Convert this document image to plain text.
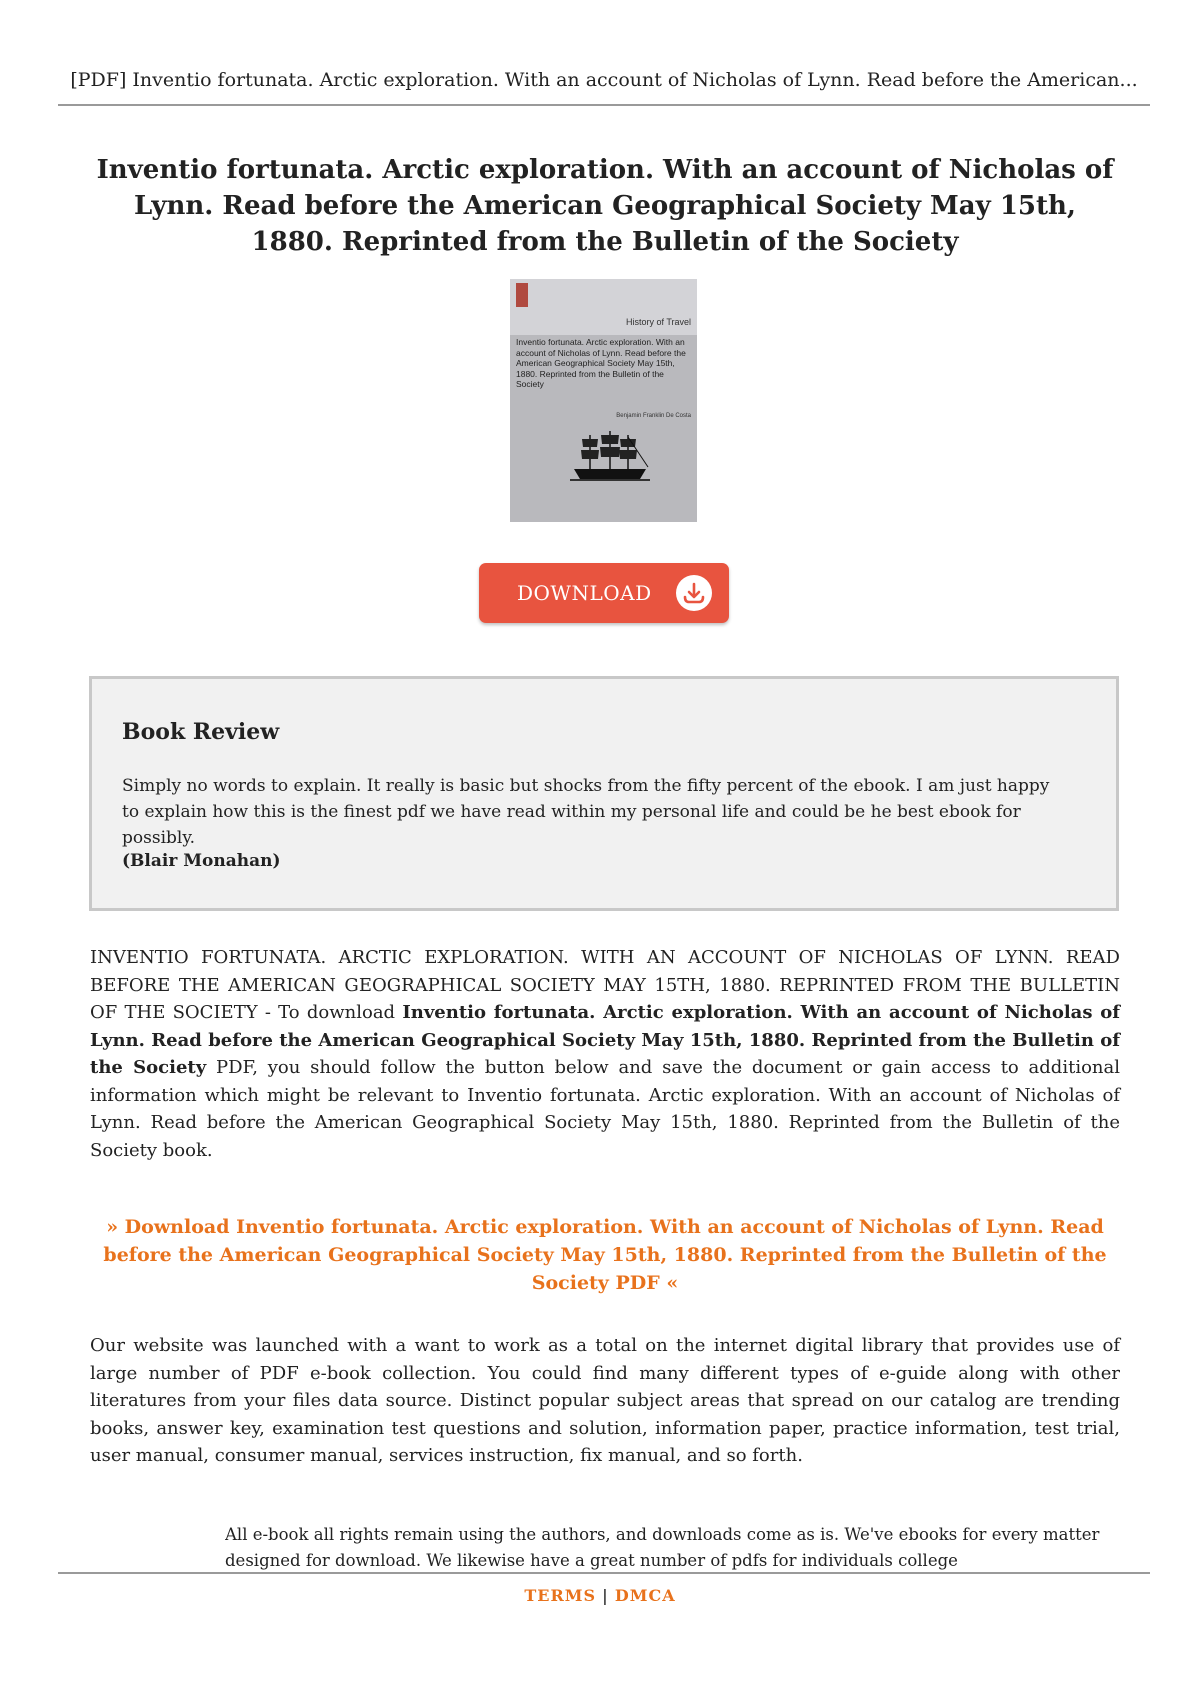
[PDF] Inventio fortunata. Arctic exploration. With an account of Nicholas of Lynn. Read before the American...
Inventio fortunata. Arctic exploration. With an account of Nicholas of Lynn. Read before the American Geographical Society May 15th, 1880. Reprinted from the Bulletin of the Society
History of Travel
Inventio fortunata. Arctic exploration. With an account of Nicholas of Lynn. Read before the American Geographical Society May 15th, 1880. Reprinted from the Bulletin of the Society
Benjamin Franklin De Costa
DOWNLOAD
Book Review
Simply no words to explain. It really is basic but shocks from the fifty percent of the ebook. I am just happy to explain how this is the finest pdf we have read within my personal life and could be he best ebook for possibly.
(Blair Monahan)
INVENTIO FORTUNATA. ARCTIC EXPLORATION. WITH AN ACCOUNT OF NICHOLAS OF LYNN. READ BEFORE THE AMERICAN GEOGRAPHICAL SOCIETY MAY 15TH, 1880. REPRINTED FROM THE BULLETIN OF THE SOCIETY - To download Inventio fortunata. Arctic exploration. With an account of Nicholas of Lynn. Read before the American Geographical Society May 15th, 1880. Reprinted from the Bulletin of the Society PDF, you should follow the button below and save the document or gain access to additional information which might be relevant to Inventio fortunata. Arctic exploration. With an account of Nicholas of Lynn. Read before the American Geographical Society May 15th, 1880. Reprinted from the Bulletin of the Society book.
» Download Inventio fortunata. Arctic exploration. With an account of Nicholas of Lynn. Read before the American Geographical Society May 15th, 1880. Reprinted from the Bulletin of the Society PDF «
Our website was launched with a want to work as a total on the internet digital library that provides use of large number of PDF e-book collection. You could find many different types of e-guide along with other literatures from your files data source. Distinct popular subject areas that spread on our catalog are trending books, answer key, examination test questions and solution, information paper, practice information, test trial, user manual, consumer manual, services instruction, fix manual, and so forth.
All e-book all rights remain using the authors, and downloads come as is. We've ebooks for every matter designed for download. We likewise have a great number of pdfs for individuals college
TERMS | DMCA
